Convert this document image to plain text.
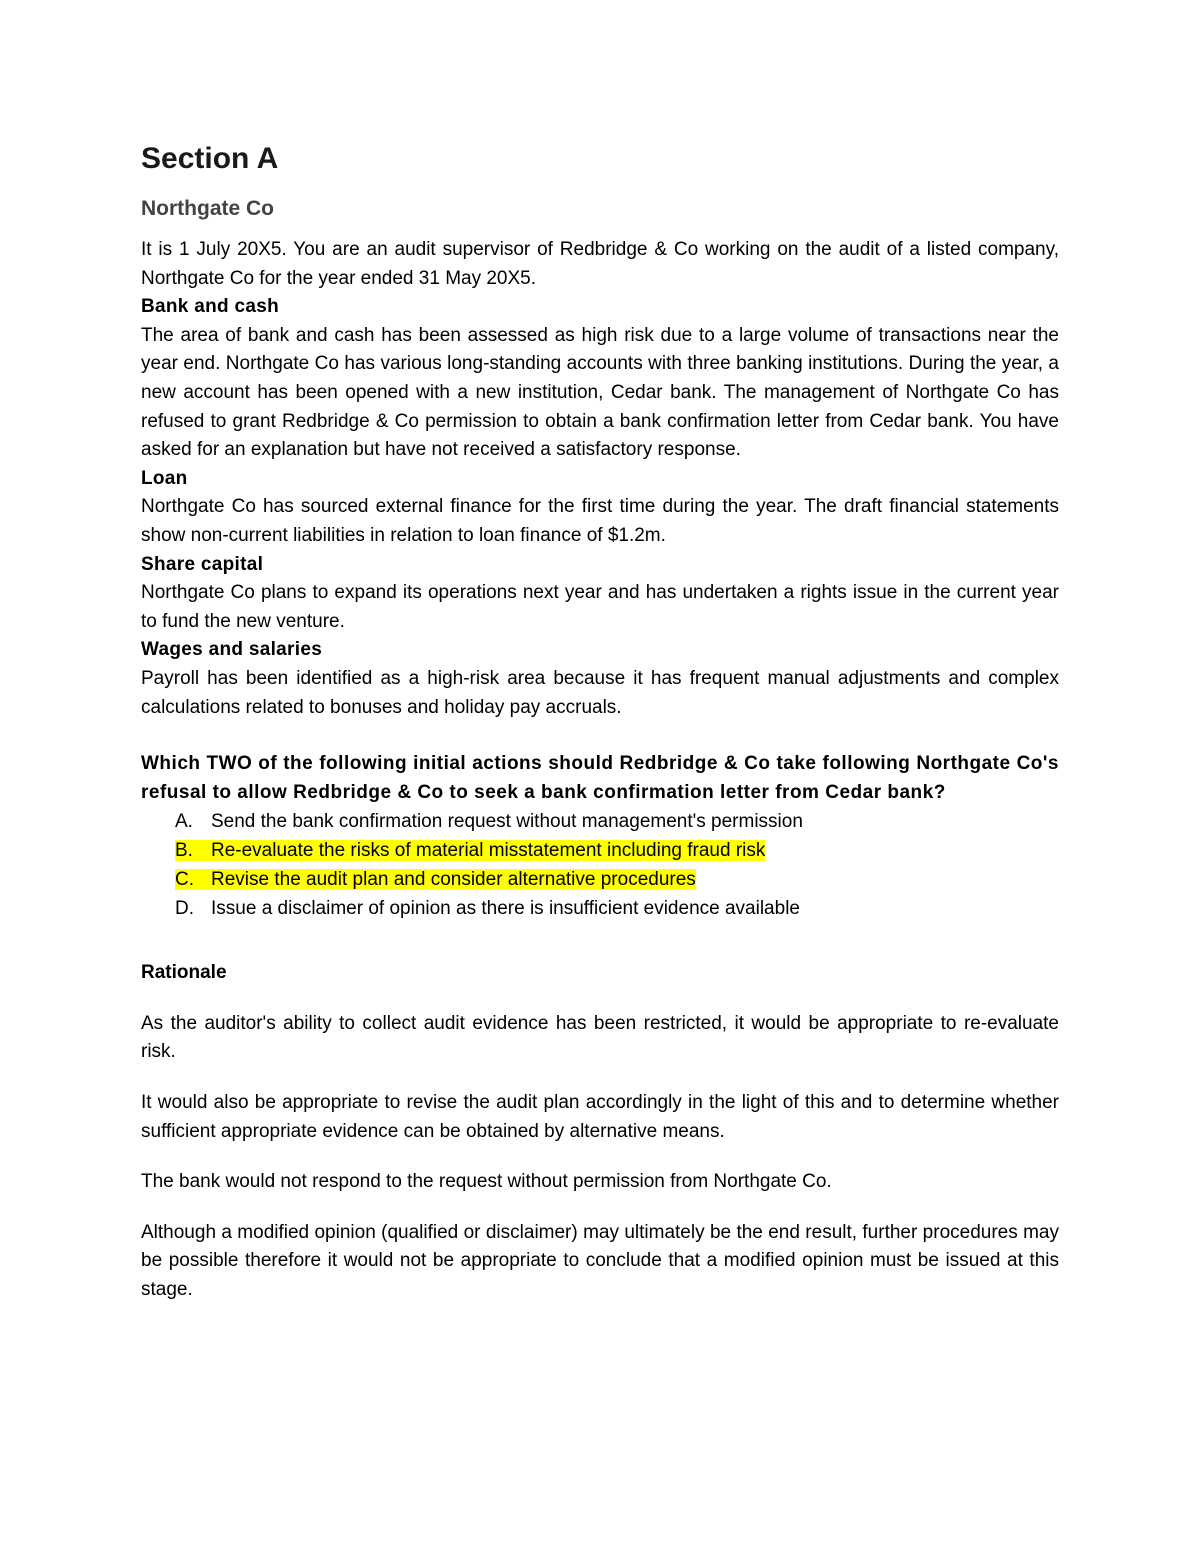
Section A
Northgate Co

It is 1 July 20X5. You are an audit supervisor of Redbridge & Co working on the audit of a listed company, Northgate Co for the year ended 31 May 20X5.

Bank and cash

The area of bank and cash has been assessed as high risk due to a large volume of transactions near the year end. Northgate Co has various long-standing accounts with three banking institutions. During the year, a new account has been opened with a new institution, Cedar bank. The management of Northgate Co has refused to grant Redbridge & Co permission to obtain a bank confirmation letter from Cedar bank. You have asked for an explanation but have not received a satisfactory response.

Loan

Northgate Co has sourced external finance for the first time during the year. The draft financial statements show non-current liabilities in relation to loan finance of $1.2m.

Share capital

Northgate Co plans to expand its operations next year and has undertaken a rights issue in the current year to fund the new venture.

Wages and salaries

Payroll has been identified as a high-risk area because it has frequent manual adjustments and complex calculations related to bonuses and holiday pay accruals.

Which TWO of the following initial actions should Redbridge & Co take following Northgate Co's refusal to allow Redbridge & Co to seek a bank confirmation letter from Cedar bank?

A. Send the bank confirmation request without management's permission
B. Re-evaluate the risks of material misstatement including fraud risk
C. Revise the audit plan and consider alternative procedures
D. Issue a disclaimer of opinion as there is insufficient evidence available
Rationale

As the auditor's ability to collect audit evidence has been restricted, it would be appropriate to re-evaluate risk.

It would also be appropriate to revise the audit plan accordingly in the light of this and to determine whether sufficient appropriate evidence can be obtained by alternative means.

The bank would not respond to the request without permission from Northgate Co.

Although a modified opinion (qualified or disclaimer) may ultimately be the end result, further procedures may be possible therefore it would not be appropriate to conclude that a modified opinion must be issued at this stage.
